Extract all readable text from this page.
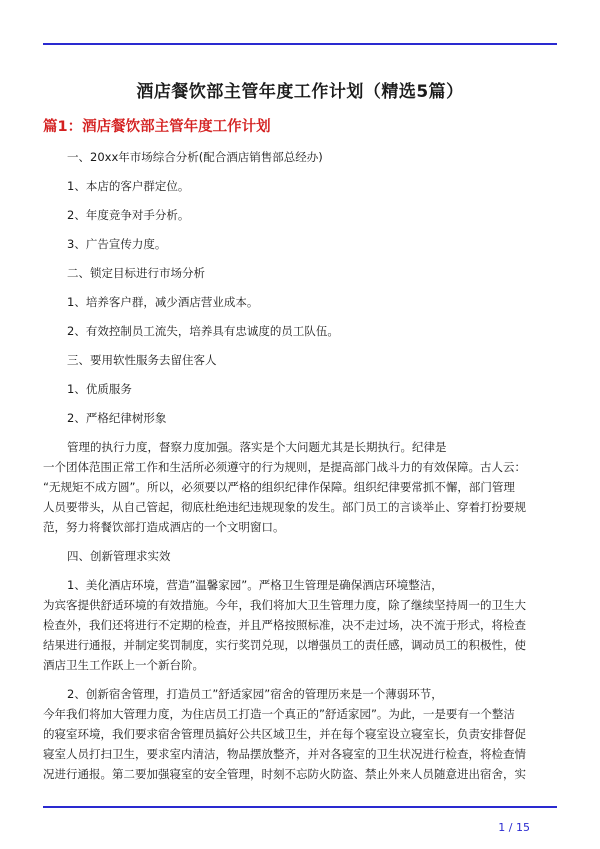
酒店餐饮部主管年度工作计划（精选5篇）
篇1：酒店餐饮部主管年度工作计划
一、20xx年市场综合分析(配合酒店销售部总经办)
1、本店的客户群定位。
2、年度竞争对手分析。
3、广告宣传力度。
二、锁定目标进行市场分析
1、培养客户群，减少酒店营业成本。
2、有效控制员工流失，培养具有忠诚度的员工队伍。
三、要用软性服务去留住客人
1、优质服务
2、严格纪律树形象
管理的执行力度，督察力度加强。落实是个大问题尤其是长期执行。纪律是
一个团体范围正常工作和生活所必须遵守的行为规则，是提高部门战斗力的有效保障。古人云：
“无规矩不成方圆”。所以，必须要以严格的组织纪律作保障。组织纪律要常抓不懈，部门管理
人员要带头，从自己管起，彻底杜绝违纪违规现象的发生。部门员工的言谈举止、穿着打扮要规
范，努力将餐饮部打造成酒店的一个文明窗口。
四、创新管理求实效
1、美化酒店环境，营造”温馨家园”。严格卫生管理是确保酒店环境整洁，
为宾客提供舒适环境的有效措施。今年，我们将加大卫生管理力度，除了继续坚持周一的卫生大
检查外，我们还将进行不定期的检查，并且严格按照标准，决不走过场，决不流于形式，将检查
结果进行通报，并制定奖罚制度，实行奖罚兑现，以增强员工的责任感，调动员工的积极性，使
酒店卫生工作跃上一个新台阶。
2、创新宿舍管理，打造员工”舒适家园”宿舍的管理历来是一个薄弱环节，
今年我们将加大管理力度，为住店员工打造一个真正的”舒适家园”。为此，一是要有一个整洁
的寝室环境，我们要求宿舍管理员搞好公共区域卫生，并在每个寝室设立寝室长，负责安排督促
寝室人员打扫卫生，要求室内清洁，物品摆放整齐，并对各寝室的卫生状况进行检查，将检查情
况进行通报。第二要加强寝室的安全管理，时刻不忘防火防盗、禁止外来人员随意进出宿舍，实
1 / 15
